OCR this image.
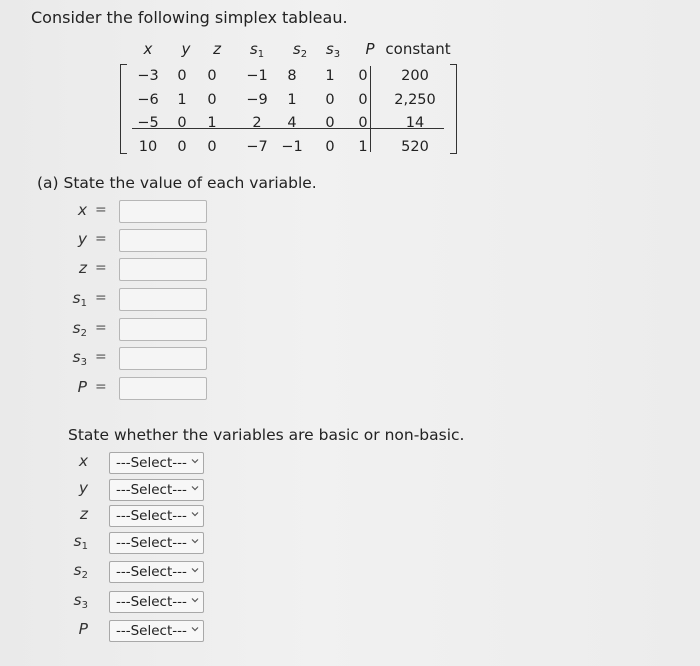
Consider the following simplex tableau.
x y z $s_1$ $s_2$ $s_3$ P constant
−3 0 0 −1 8 1 0 200
−6 1 0 −9 1 0 0 2,250
−5 0 1 2 4 0 0	14
10 0 0 −7 −1 0 1 520
(a) State the value of each variable.
x =
y =
z =
$s_1$ =
$s_2$ =
$s_3$ =
P =
State whether the variables are basic or non-basic.
x	---Select---
y	---Select---
z	---Select---
$s_1$	---Select---
$s_2$	---Select---
$s_3$	---Select---
P	---Select---
